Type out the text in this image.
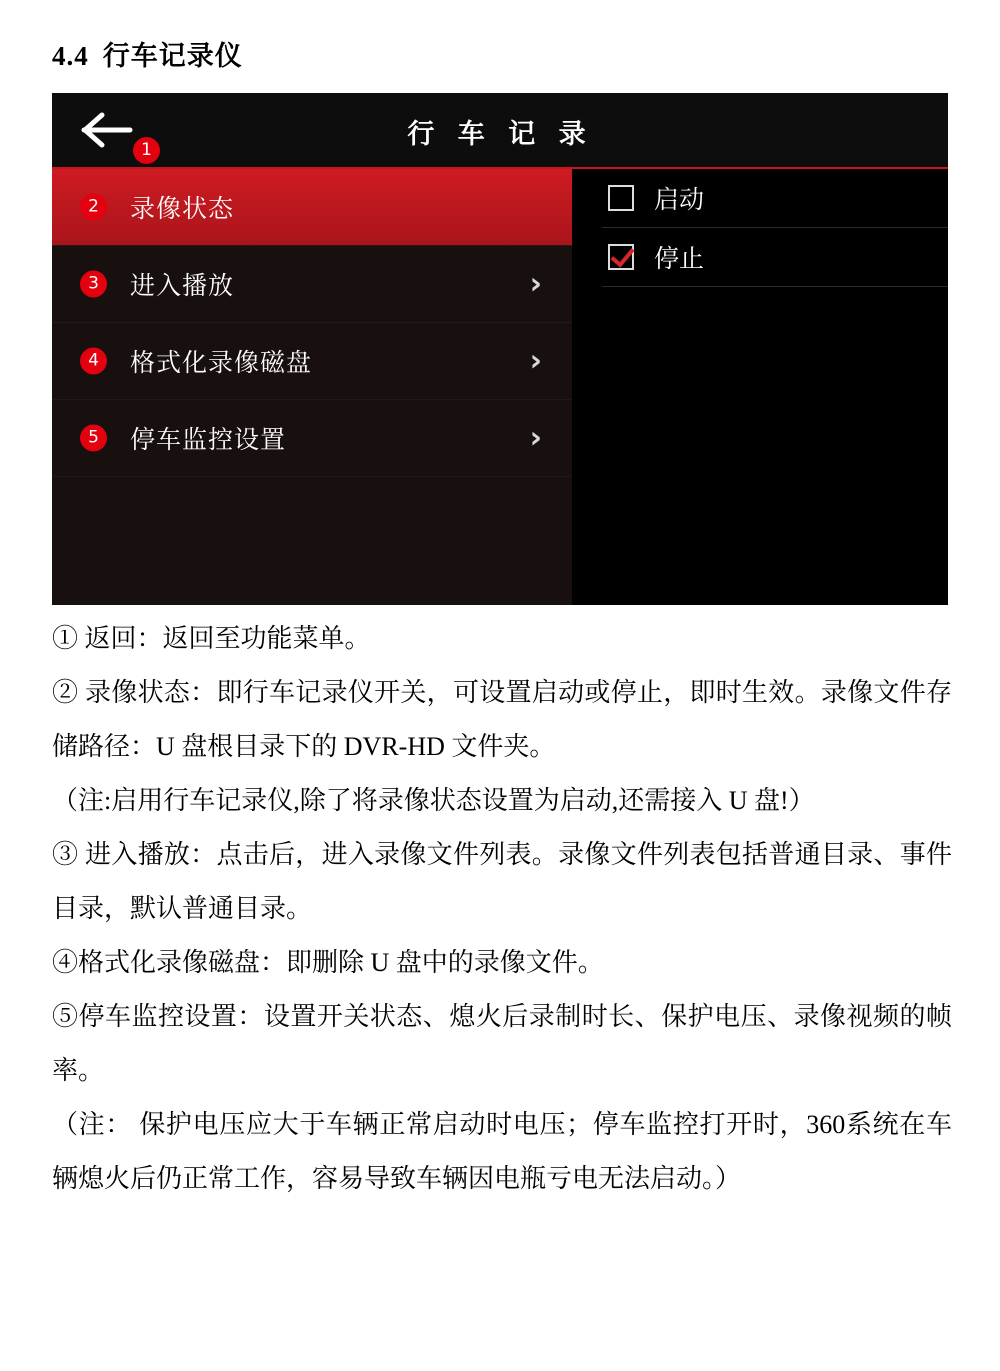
4.4 行车记录仪
1	行 车 记 录
2	录像状态
3	进入播放	›
4	格式化录像磁盘	›
5	停车监控设置	›
启动
停止

① 返回：返回至功能菜单。

② 录像状态：即行车记录仪开关，可设置启动或停止，即时生效。录像文件存储路径：U 盘根目录下的 DVR-HD 文件夹。

（注:启用行车记录仪,除了将录像状态设置为启动,还需接入 U 盘!）

③ 进入播放：点击后，进入录像文件列表。录像文件列表包括普通目录、事件目录，默认普通目录。

④格式化录像磁盘：即删除 U 盘中的录像文件。

⑤停车监控设置：设置开关状态、熄火后录制时长、保护电压、录像视频的帧率。

（注： 保护电压应大于车辆正常启动时电压；停车监控打开时，360系统在车辆熄火后仍正常工作，容易导致车辆因电瓶亏电无法启动。）
